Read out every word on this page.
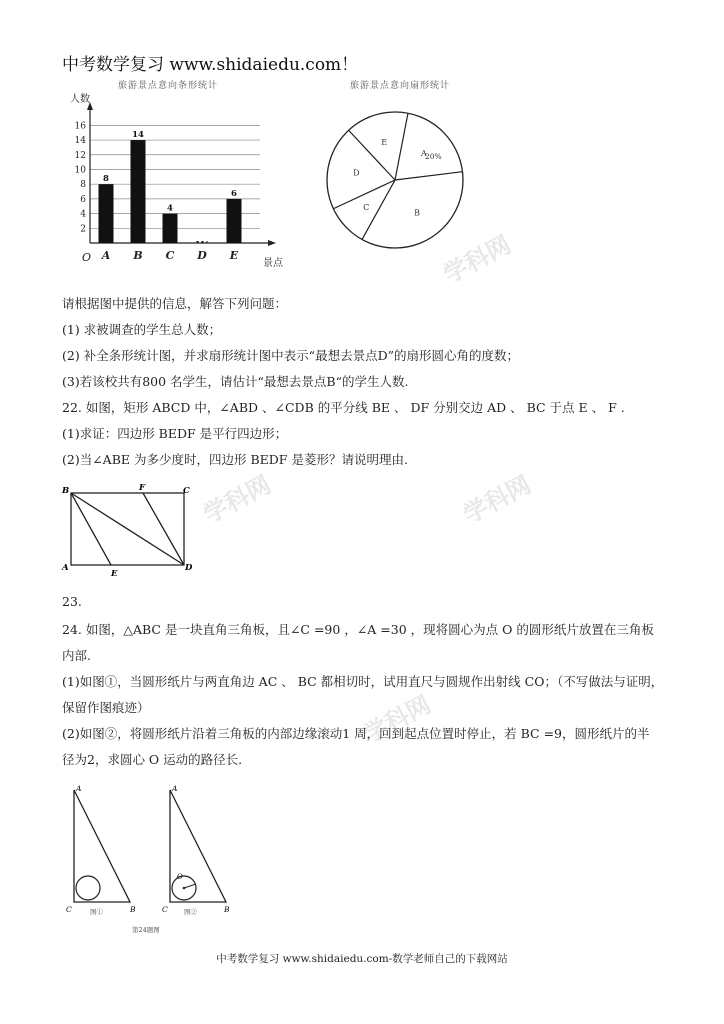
学科网
学科网	学科网
学科网
中考数学复习 www.shidaiedu.com！
旅游景点意向条形统计
人数
O	景点
2
4
6
8
10
12
14
16
8
A
14
B
4
C D
6
E
旅游景点意向扇形统计
A
B
C
D
E
20%
请根据图中提供的信息，解答下列问题：
(1) 求被调查的学生总人数；
(2) 补全条形统计图，并求扇形统计图中表示“最想去景点D”的扇形圆心角的度数；
(3)若该校共有800 名学生，请估计“最想去景点B“的学生人数.
22. 如图，矩形 ABCD 中，∠ABD 、∠CDB 的平分线 BE 、 DF 分别交边 AD 、 BC 于点 E 、 F .
(1)求证：四边形 BEDF 是平行四边形；
(2)当∠ABE 为多少度时，四边形 BEDF 是菱形？请说明理由.
B	F	C
A
E
D
23.
24. 如图，△ABC 是一块直角三角板，且∠C =90 ，∠A =30 ，现将圆心为点 O 的圆形纸片放置在三角板
内部.
(1)如图①，当圆形纸片与两直角边 AC 、 BC 都相切时，试用直尺与圆规作出射线 CO；（不写做法与证明，
保留作图痕迹）
(2)如图②，将圆形纸片沿着三角板的内部边缘滚动1 周，回到起点位置时停止，若 BC =9，圆形纸片的半
径为2，求圆心 O 运动的路径长.
A
C	B
图①
A
O
C	B
图②
第24题图
中考数学复习 www.shidaiedu.com-数学老师自己的下载网站
